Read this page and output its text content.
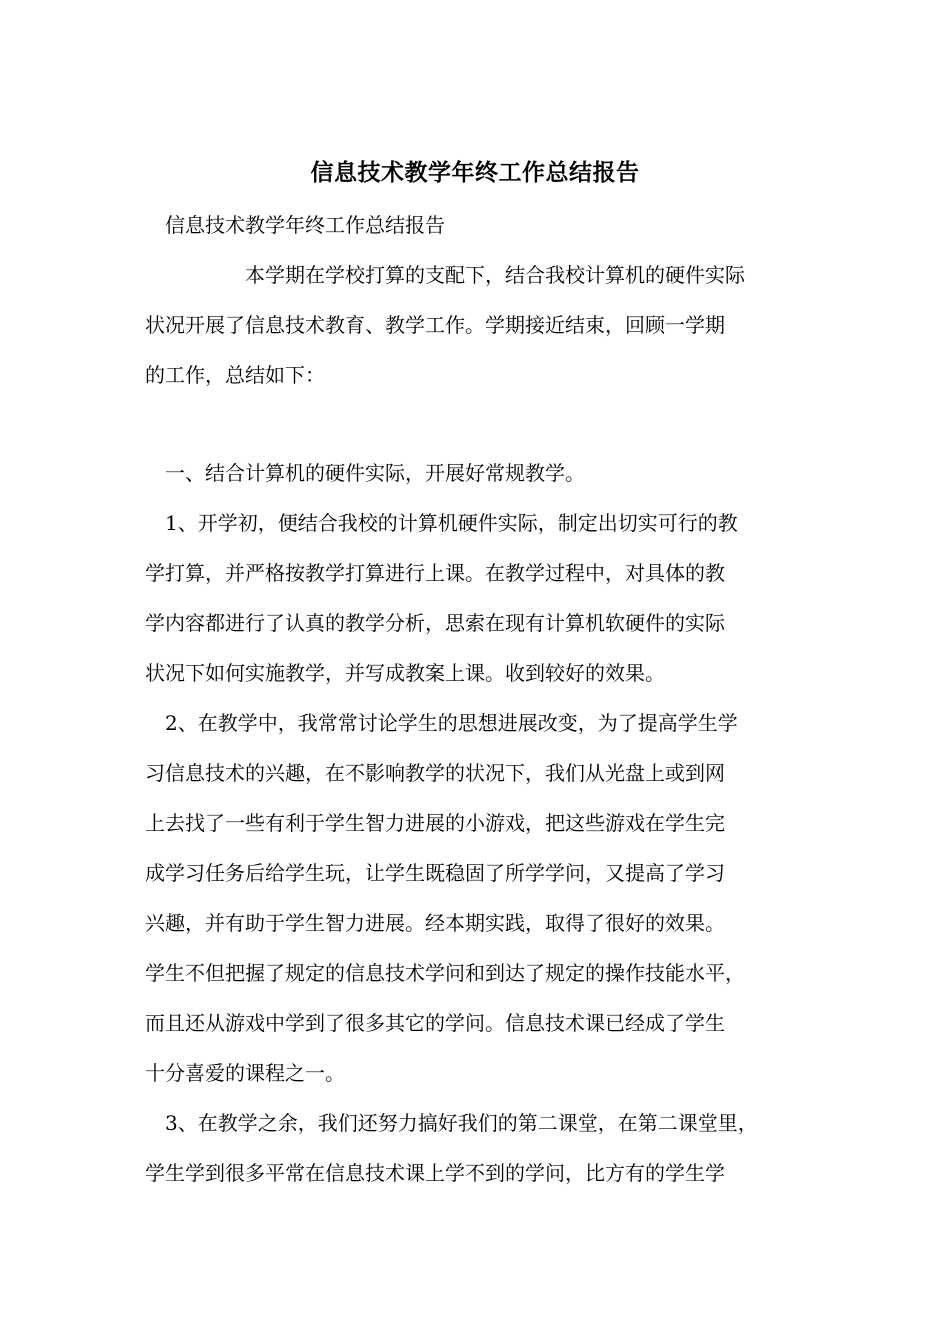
信息技术教学年终工作总结报告
信息技术教学年终工作总结报告
本学期在学校打算的支配下，结合我校计算机的硬件实际
状况开展了信息技术教育、教学工作。学期接近结束，回顾一学期
的工作，总结如下：
一、结合计算机的硬件实际，开展好常规教学。
1、开学初，便结合我校的计算机硬件实际，制定出切实可行的教
学打算，并严格按教学打算进行上课。在教学过程中，对具体的教
学内容都进行了认真的教学分析，思索在现有计算机软硬件的实际
状况下如何实施教学，并写成教案上课。收到较好的效果。
2、在教学中，我常常讨论学生的思想进展改变，为了提高学生学
习信息技术的兴趣，在不影响教学的状况下，我们从光盘上或到网
上去找了一些有利于学生智力进展的小游戏，把这些游戏在学生完
成学习任务后给学生玩，让学生既稳固了所学学问，又提高了学习
兴趣，并有助于学生智力进展。经本期实践，取得了很好的效果。
学生不但把握了规定的信息技术学问和到达了规定的操作技能水平，
而且还从游戏中学到了很多其它的学问。信息技术课已经成了学生
十分喜爱的课程之一。
3、在教学之余，我们还努力搞好我们的第二课堂，在第二课堂里，
学生学到很多平常在信息技术课上学不到的学问，比方有的学生学
